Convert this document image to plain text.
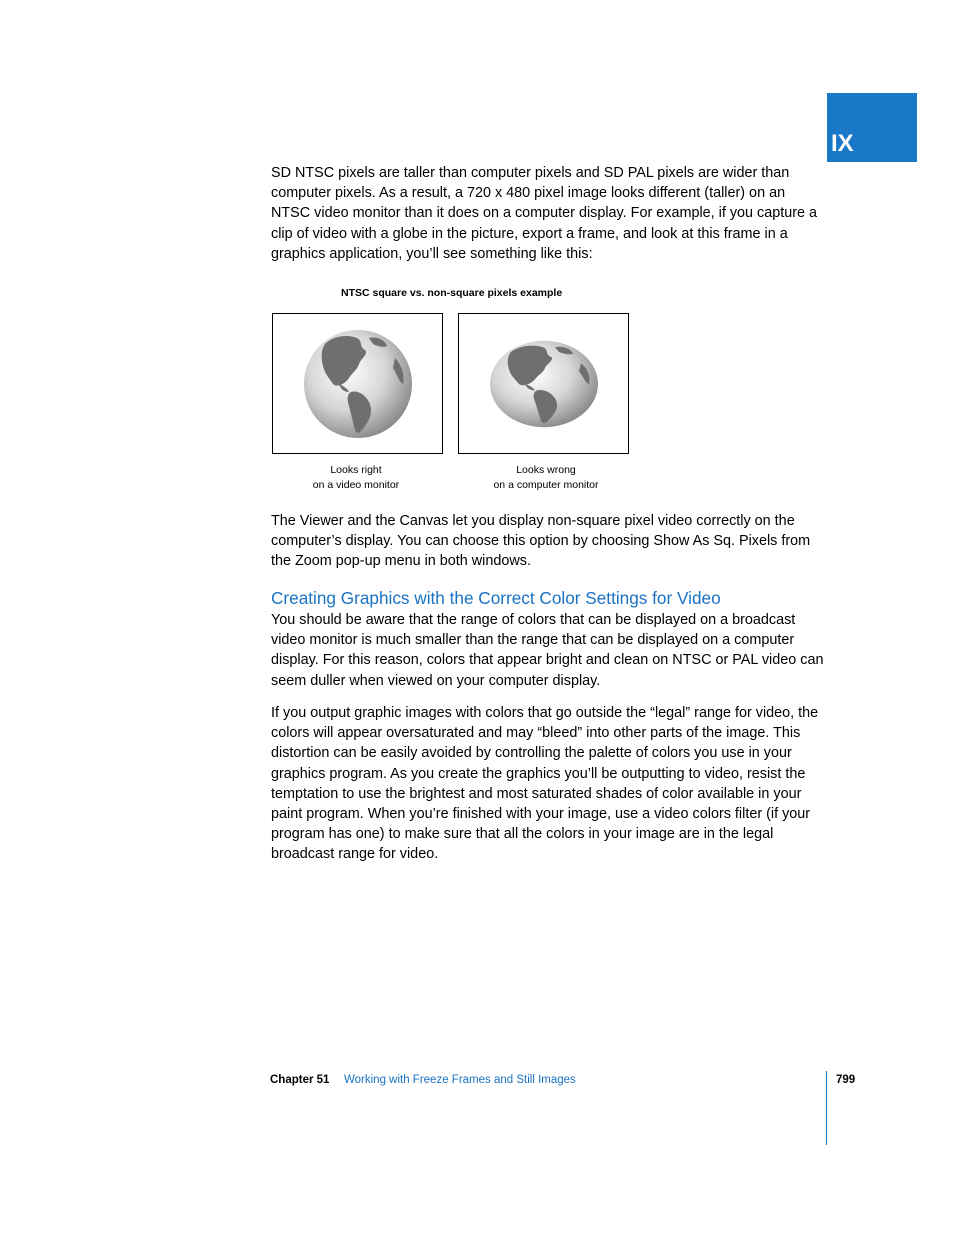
IX

SD NTSC pixels are taller than computer pixels and SD PAL pixels are wider than computer pixels. As a result, a 720 x 480 pixel image looks different (taller) on an NTSC video monitor than it does on a computer display. For example, if you capture a clip of video with a globe in the picture, export a frame, and look at this frame in a graphics application, you’ll see something like this:

NTSC square vs. non-square pixels example
Looks right
on a video monitor
Looks wrong
on a computer monitor

The Viewer and the Canvas let you display non-square pixel video correctly on the computer’s display. You can choose this option by choosing Show As Sq. Pixels from the Zoom pop-up menu in both windows.

Creating Graphics with the Correct Color Settings for Video

You should be aware that the range of colors that can be displayed on a broadcast video monitor is much smaller than the range that can be displayed on a computer display. For this reason, colors that appear bright and clean on NTSC or PAL video can seem duller when viewed on your computer display.

If you output graphic images with colors that go outside the “legal” range for video, the colors will appear oversaturated and may “bleed” into other parts of the image. This distortion can be easily avoided by controlling the palette of colors you use in your graphics program. As you create the graphics you’ll be outputting to video, resist the temptation to use the brightest and most saturated shades of color available in your paint program. When you’re finished with your image, use a video colors filter (if your program has one) to make sure that all the colors in your image are in the legal broadcast range for video.

Chapter 51 Working with Freeze Frames and Still Images	799
